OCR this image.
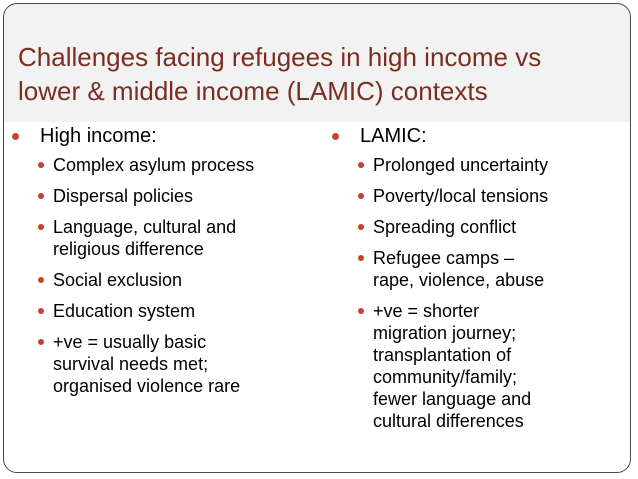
Challenges facing refugees in high income vs
lower & middle income (LAMIC) contexts
High income:
Complex asylum process
Dispersal policies
Language, cultural and
religious difference
Social exclusion
Education system
+ve = usually basic
survival needs met;
organised violence rare
LAMIC:
Prolonged uncertainty
Poverty/local tensions
Spreading conflict
Refugee camps –
rape, violence, abuse
+ve = shorter
migration journey;
transplantation of
community/family;
fewer language and
cultural differences
